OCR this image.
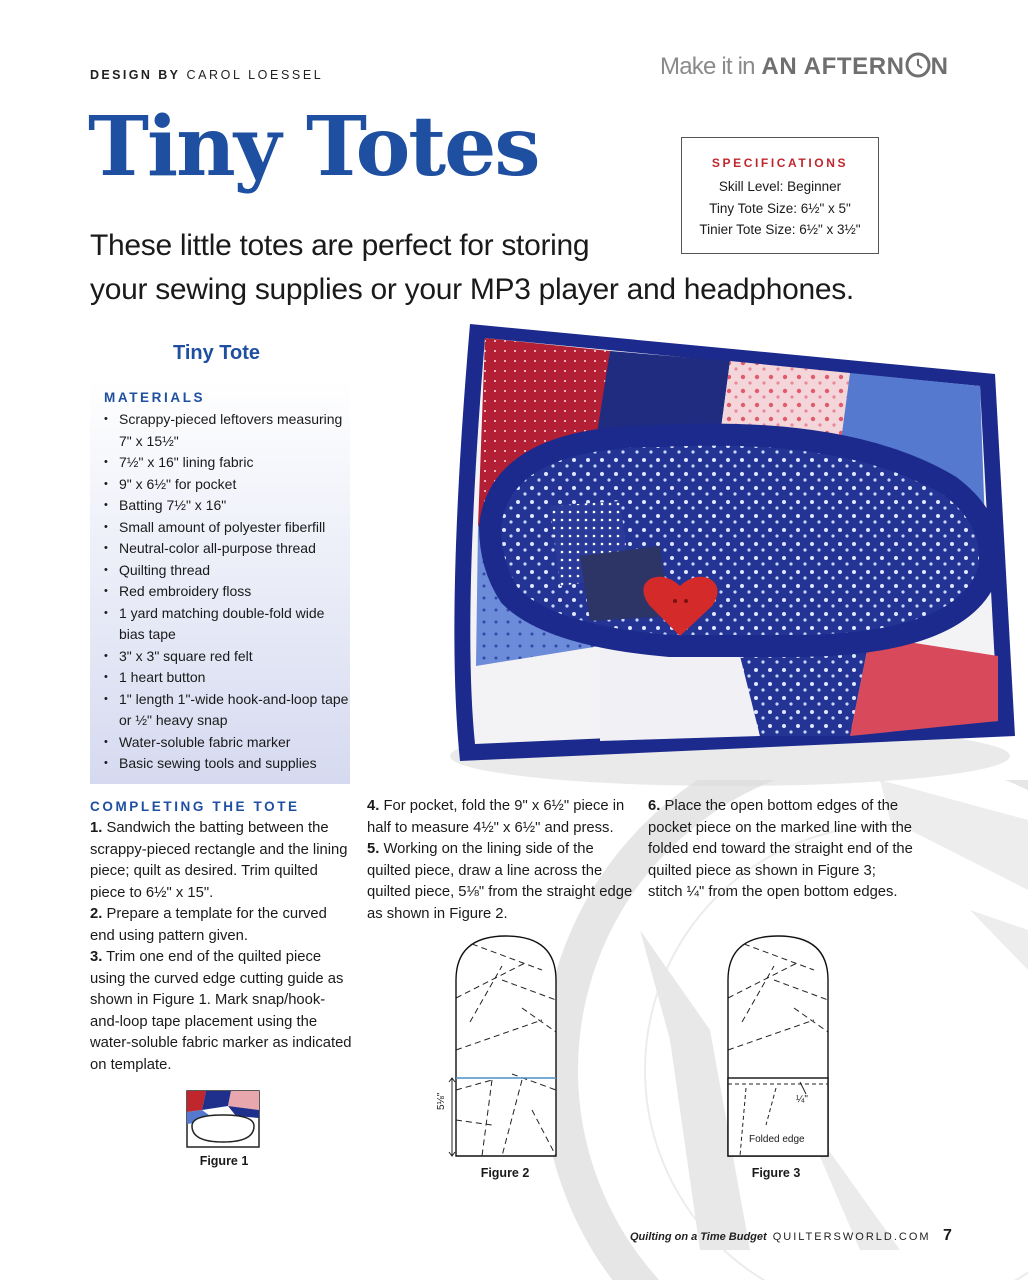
DESIGN BY CAROL LOESSEL	Make it in AN AFTERN N
Tiny Totes
These little totes are perfect for storing
your sewing supplies or your MP3 player and headphones.
SPECIFICATIONS
Skill Level: Beginner
Tiny Tote Size: 6½" x 5"
Tinier Tote Size: 6½" x 3½"
Tiny Tote
MATERIALS
• Scrappy-pieced leftovers measuring 7" x 15½"
• 7½" x 16" lining fabric
• 9" x 6½" for pocket
• Batting 7½" x 16"
• Small amount of polyester fiberfill
• Neutral-color all-purpose thread
• Quilting thread
• Red embroidery floss
• 1 yard matching double-fold wide bias tape
• 3" x 3" square red felt
• 1 heart button
• 1" length 1"-wide hook-and-loop tape or ½" heavy snap
• Water-soluble fabric marker
• Basic sewing tools and supplies
COMPLETING THE TOTE

1. Sandwich the batting between the scrappy-pieced rectangle and the lining piece; quilt as desired. Trim quilted piece to 6½" x 15".

2. Prepare a template for the curved end using pattern given.

3. Trim one end of the quilted piece using the curved edge cutting guide as shown in Figure 1. Mark snap/hook-and-loop tape placement using the water-soluble fabric marker as indicated on template.

4. For pocket, fold the 9" x 6½" piece in half to measure 4½" x 6½" and press.

5. Working on the lining side of the quilted piece, draw a line across the quilted piece, 5⅛" from the straight edge as shown in Figure 2.

6. Place the open bottom edges of the pocket piece on the marked line with the folded end toward the straight end of the quilted piece as shown in Figure 3; stitch ¼" from the open bottom edges.

Figure 1
5⅛"
Figure 2
¼"
Folded edge
Figure 3
Quilting on a Time Budget QUILTERSWORLD.COM 7
